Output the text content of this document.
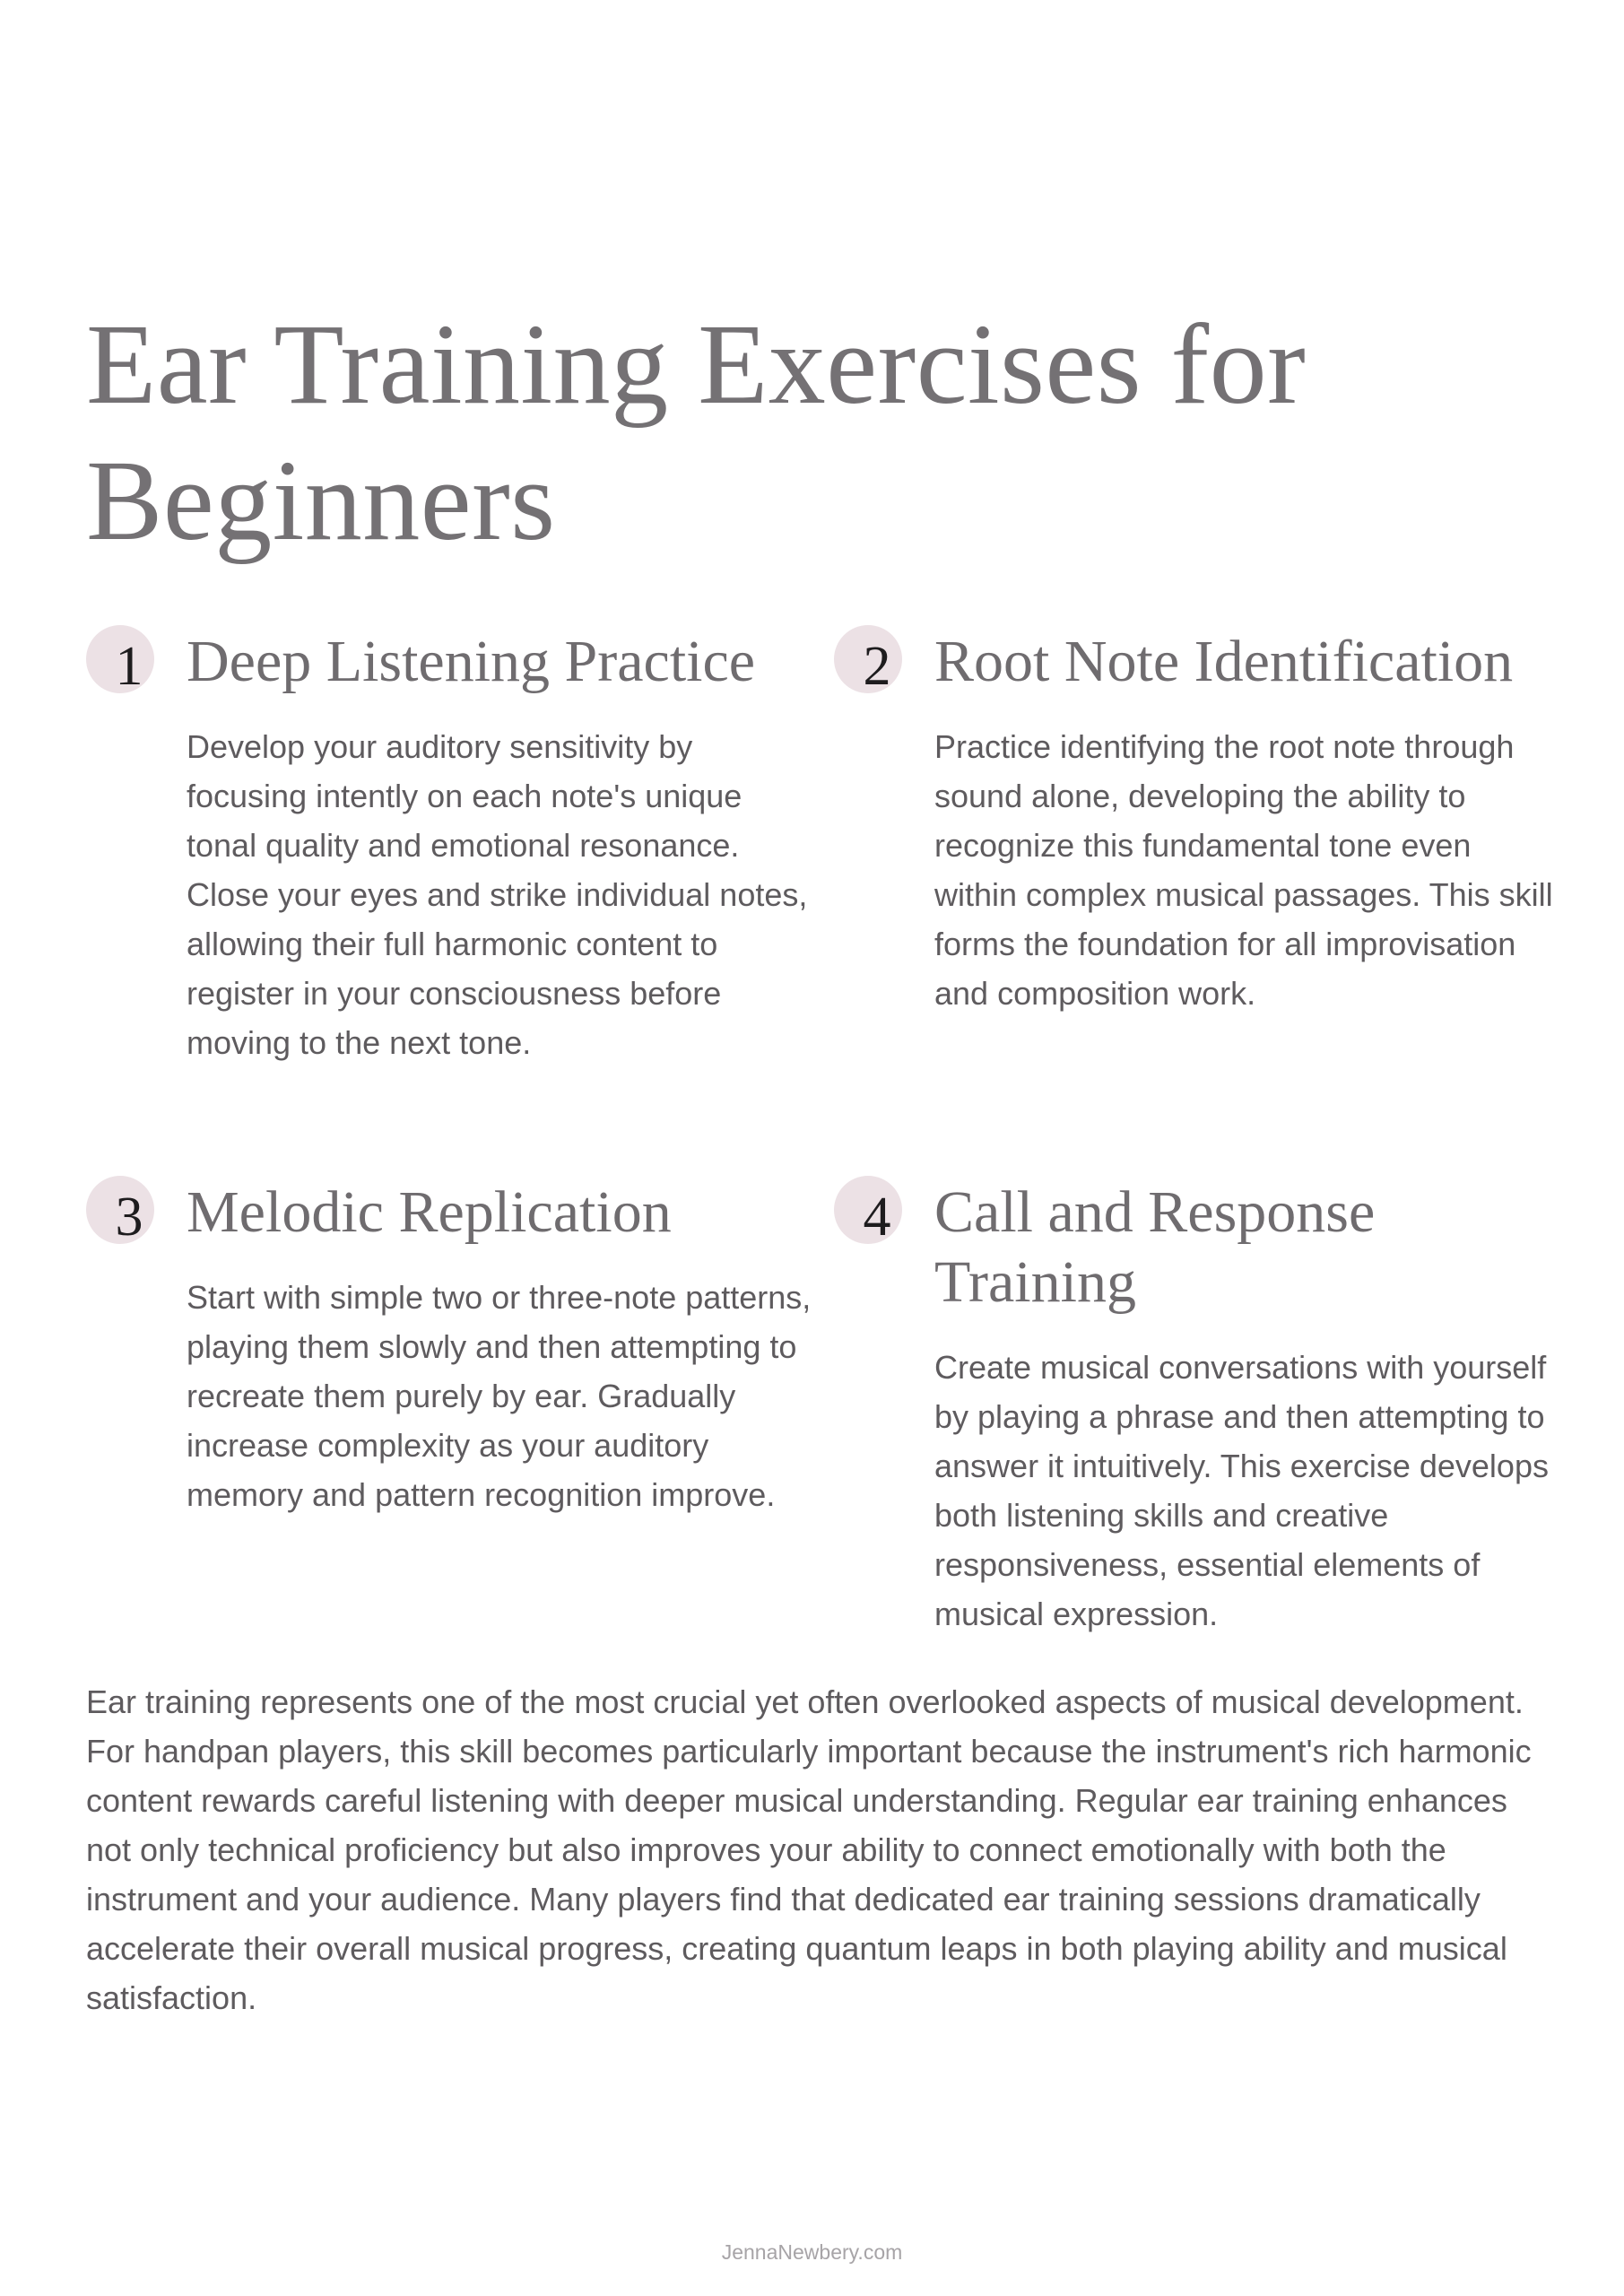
Ear Training Exercises for Beginners
1 Deep Listening Practice

Develop your auditory sensitivity by focusing intently on each note's unique tonal quality and emotional resonance. Close your eyes and strike individual notes, allowing their full harmonic content to register in your consciousness before moving to the next tone.

2 Root Note Identification

Practice identifying the root note through sound alone, developing the ability to recognize this fundamental tone even within complex musical passages. This skill forms the foundation for all improvisation and composition work.

3 Melodic Replication

Start with simple two or three-note patterns, playing them slowly and then attempting to recreate them purely by ear. Gradually increase complexity as your auditory memory and pattern recognition improve.

4 Call and Response Training

Create musical conversations with yourself by playing a phrase and then attempting to answer it intuitively. This exercise develops both listening skills and creative responsiveness, essential elements of musical expression.

Ear training represents one of the most crucial yet often overlooked aspects of musical development. For handpan players, this skill becomes particularly important because the instrument's rich harmonic content rewards careful listening with deeper musical understanding. Regular ear training enhances not only technical proficiency but also improves your ability to connect emotionally with both the instrument and your audience. Many players find that dedicated ear training sessions dramatically accelerate their overall musical progress, creating quantum leaps in both playing ability and musical satisfaction.

JennaNewbery.com
